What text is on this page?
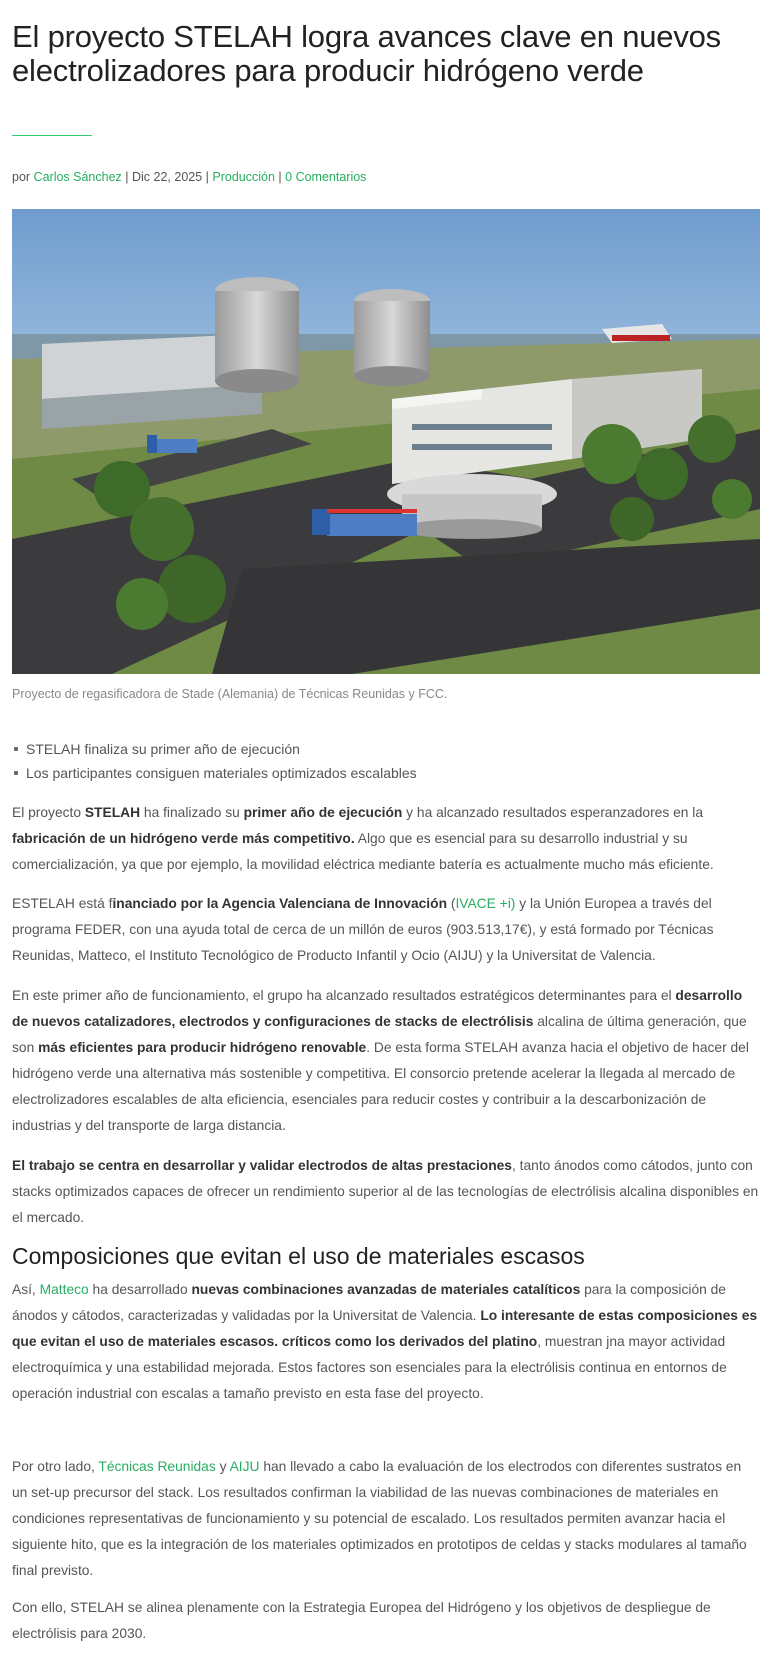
El proyecto STELAH logra avances clave en nuevos electrolizadores para producir hidrógeno verde
por Carlos Sánchez | Dic 22, 2025 | Producción | 0 Comentarios
Proyecto de regasificadora de Stade (Alemania) de Técnicas Reunidas y FCC.
STELAH finaliza su primer año de ejecución
Los participantes consiguen materiales optimizados escalables

El proyecto STELAH ha finalizado su primer año de ejecución y ha alcanzado resultados esperanzadores en la fabricación de un hidrógeno verde más competitivo. Algo que es esencial para su desarrollo industrial y su comercialización, ya que por ejemplo, la movilidad eléctrica mediante batería es actualmente mucho más eficiente.

ESTELAH está financiado por la Agencia Valenciana de Innovación (IVACE +i) y la Unión Europea a través del programa FEDER, con una ayuda total de cerca de un millón de euros (903.513,17€), y está formado por Técnicas Reunidas, Matteco, el Instituto Tecnológico de Producto Infantil y Ocio (AIJU) y la Universitat de Valencia.

En este primer año de funcionamiento, el grupo ha alcanzado resultados estratégicos determinantes para el desarrollo de nuevos catalizadores, electrodos y configuraciones de stacks de electrólisis alcalina de última generación, que son más eficientes para producir hidrógeno renovable. De esta forma STELAH avanza hacia el objetivo de hacer del hidrógeno verde una alternativa más sostenible y competitiva. El consorcio pretende acelerar la llegada al mercado de electrolizadores escalables de alta eficiencia, esenciales para reducir costes y contribuir a la descarbonización de industrias y del transporte de larga distancia.

El trabajo se centra en desarrollar y validar electrodos de altas prestaciones, tanto ánodos como cátodos, junto con stacks optimizados capaces de ofrecer un rendimiento superior al de las tecnologías de electrólisis alcalina disponibles en el mercado.

Composiciones que evitan el uso de materiales escasos

Así, Matteco ha desarrollado nuevas combinaciones avanzadas de materiales catalíticos para la composición de ánodos y cátodos, caracterizadas y validadas por la Universitat de Valencia. Lo interesante de estas composiciones es que evitan el uso de materiales escasos. críticos como los derivados del platino, muestran jna mayor actividad electroquímica y una estabilidad mejorada. Estos factores son esenciales para la electrólisis continua en entornos de operación industrial con escalas a tamaño previsto en esta fase del proyecto.

Por otro lado, Técnicas Reunidas y AIJU han llevado a cabo la evaluación de los electrodos con diferentes sustratos en un set-up precursor del stack. Los resultados confirman la viabilidad de las nuevas combinaciones de materiales en condiciones representativas de funcionamiento y su potencial de escalado. Los resultados permiten avanzar hacia el siguiente hito, que es la integración de los materiales optimizados en prototipos de celdas y stacks modulares al tamaño final previsto.

Con ello, STELAH se alinea plenamente con la Estrategia Europea del Hidrógeno y los objetivos de despliegue de electrólisis para 2030.
